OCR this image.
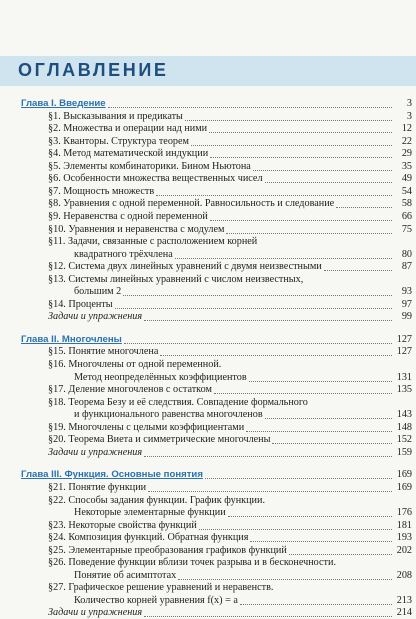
ОГЛАВЛЕНИЕ
Глава I. Введение	3
§1. Высказывания и предикаты	3
§2. Множества и операции над ними	12
§3. Кванторы. Структура теорем	22
§4. Метод математической индукции	29
§5. Элементы комбинаторики. Бином Ньютона	35
§6. Особенности множества вещественных чисел	49
§7. Мощность множеств	54
§8. Уравнения с одной переменной. Равносильность и следование	58
§9. Неравенства с одной переменной	66
§10. Уравнения и неравенства с модулем	75
§11. Задачи, связанные с расположением корней
квадратного трёхчлена	80
§12. Система двух линейных уравнений с двумя неизвестными	87
§13. Системы линейных уравнений с числом неизвестных,
большим 2	93
§14. Проценты	97
Задачи и упражнения	99
Глава II. Многочлены	127
§15. Понятие многочлена	127
§16. Многочлены от одной переменной.
Метод неопределённых коэффициентов	131
§17. Деление многочленов с остатком	135
§18. Теорема Безу и её следствия. Совпадение формального
и функционального равенства многочленов	143
§19. Многочлены с целыми коэффициентами	148
§20. Теорема Виета и симметрические многочлены	152
Задачи и упражнения	159
Глава III. Функция. Основные понятия	169
§21. Понятие функции	169
§22. Способы задания функции. График функции.
Некоторые элементарные функции	176
§23. Некоторые свойства функций	181
§24. Композиция функций. Обратная функция	193
§25. Элементарные преобразования графиков функций	202
§26. Поведение функции вблизи точек разрыва и в бесконечности.
Понятие об асимптотах	208
§27. Графическое решение уравнений и неравенств.
Количество корней уравнения f(x) = a	213
Задачи и упражнения	214
